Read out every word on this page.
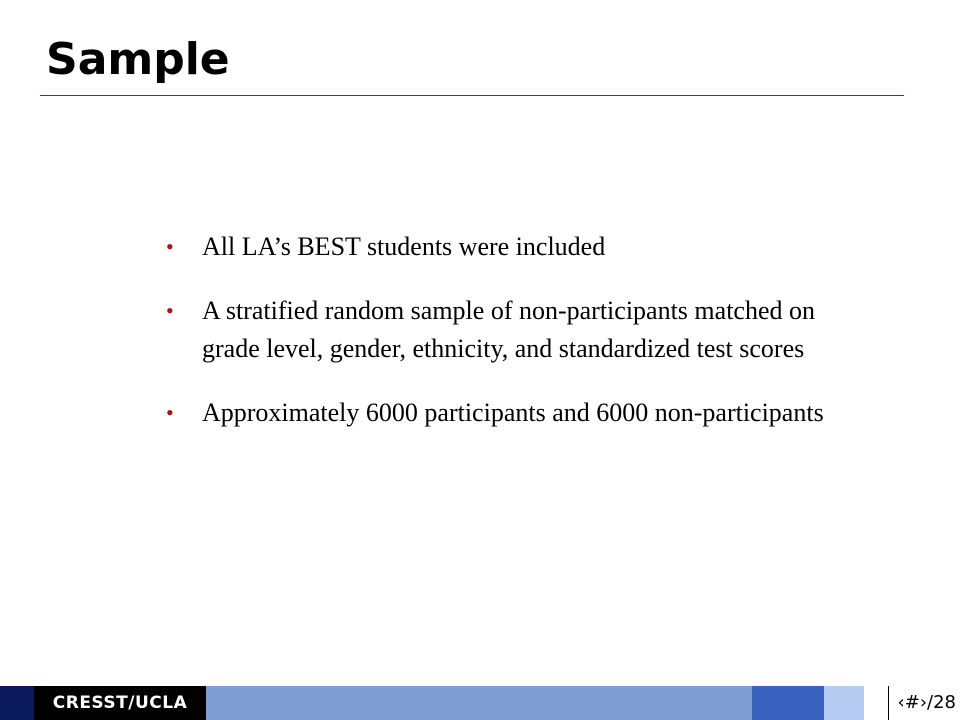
Sample
• All LA’s BEST students were included
• A stratified random sample of non-participants matched on grade level, gender, ethnicity, and standardized test scores
• Approximately 6000 participants and 6000 non-participants
CRESST/UCLA	‹#›/28
